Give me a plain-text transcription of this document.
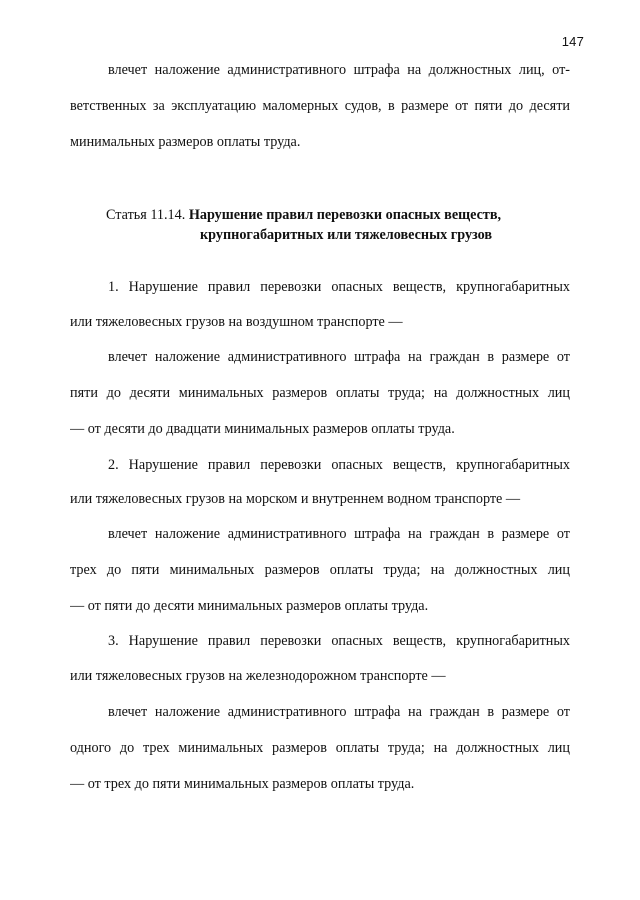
147
влечет наложение административного штрафа на должностных лиц, от-
ветственных за эксплуатацию маломерных судов, в размере от пяти до десяти
минимальных размеров оплаты труда.
Статья 11.14. Нарушение правил перевозки опасных веществ,
крупногабаритных или тяжеловесных грузов
1. Нарушение правил перевозки опасных веществ, крупногабаритных
или тяжеловесных грузов на воздушном транспорте —
влечет наложение административного штрафа на граждан в размере от
пяти до десяти минимальных размеров оплаты труда; на должностных лиц
— от десяти до двадцати минимальных размеров оплаты труда.
2. Нарушение правил перевозки опасных веществ, крупногабаритных
или тяжеловесных грузов на морском и внутреннем водном транспорте —
влечет наложение административного штрафа на граждан в размере от
трех до пяти минимальных размеров оплаты труда; на должностных лиц
— от пяти до десяти минимальных размеров оплаты труда.
3. Нарушение правил перевозки опасных веществ, крупногабаритных
или тяжеловесных грузов на железнодорожном транспорте —
влечет наложение административного штрафа на граждан в размере от
одного до трех минимальных размеров оплаты труда; на должностных лиц
— от трех до пяти минимальных размеров оплаты труда.
